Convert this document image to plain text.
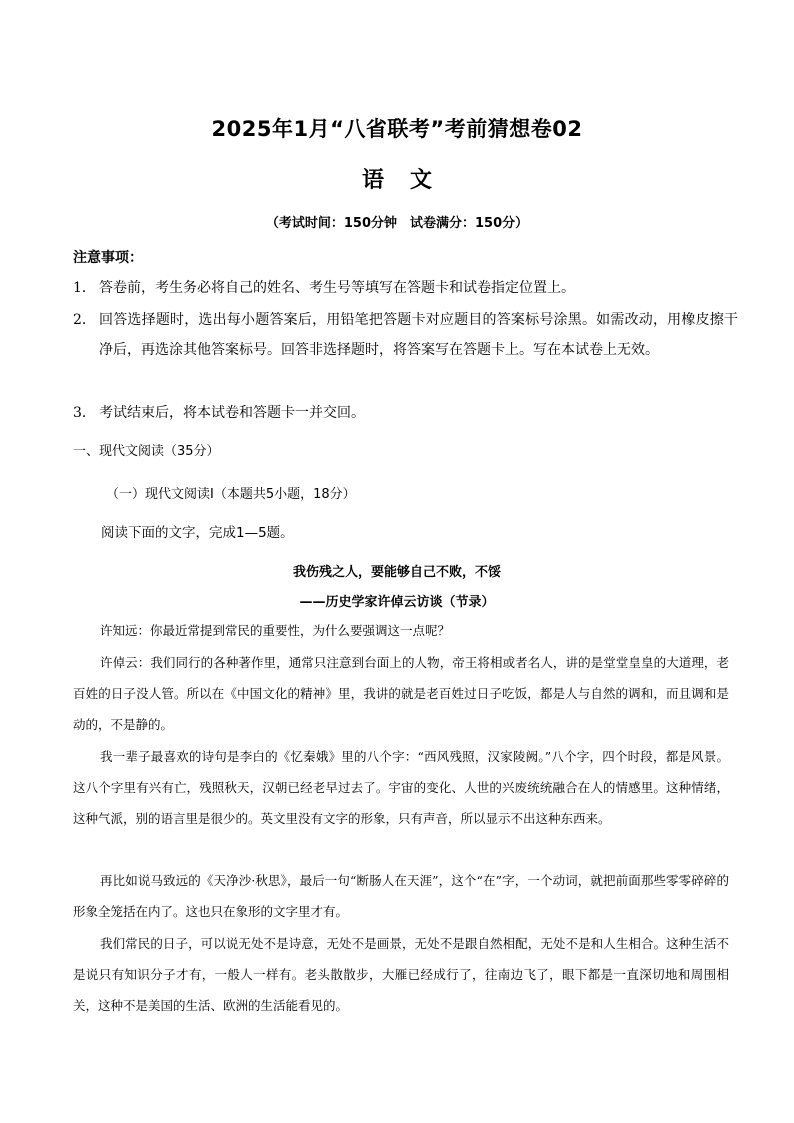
2025年1月“八省联考”考前猜想卷02
语文
（考试时间：150分钟　试卷满分：150分）
注意事项：
1． 答卷前，考生务必将自己的姓名、考生号等填写在答题卡和试卷指定位置上。
2． 回答选择题时，选出每小题答案后，用铅笔把答题卡对应题目的答案标号涂黑。如需改动，用橡皮擦干净后，再选涂其他答案标号。回答非选择题时，将答案写在答题卡上。写在本试卷上无效。
3． 考试结束后，将本试卷和答题卡一并交回。
一、现代文阅读（35分）
（一）现代文阅读Ⅰ（本题共5小题，18分）
阅读下面的文字，完成1—5题。
我伤残之人，要能够自己不败，不馁
——历史学家许倬云访谈（节录）
许知远：你最近常提到常民的重要性，为什么要强调这一点呢？
许倬云：我们同行的各种著作里，通常只注意到台面上的人物，帝王将相或者名人，讲的是堂堂皇皇的大道理，老百姓的日子没人管。所以在《中国文化的精神》里，我讲的就是老百姓过日子吃饭，都是人与自然的调和，而且调和是动的，不是静的。
我一辈子最喜欢的诗句是李白的《忆秦娥》里的八个字：“西风残照，汉家陵阙。”八个字，四个时段，都是风景。这八个字里有兴有亡，残照秋天，汉朝已经老早过去了。宇宙的变化、人世的兴废统统融合在人的情感里。这种情绪，这种气派，别的语言里是很少的。英文里没有文字的形象，只有声音，所以显示不出这种东西来。
再比如说马致远的《天净沙·秋思》，最后一句“断肠人在天涯”，这个“在”字，一个动词，就把前面那些零零碎碎的形象全笼括在内了。这也只在象形的文字里才有。
我们常民的日子，可以说无处不是诗意，无处不是画景，无处不是跟自然相配，无处不是和人生相合。这种生活不是说只有知识分子才有，一般人一样有。老头散散步，大雁已经成行了，往南边飞了，眼下都是一直深切地和周围相关，这种不是美国的生活、欧洲的生活能看见的。
